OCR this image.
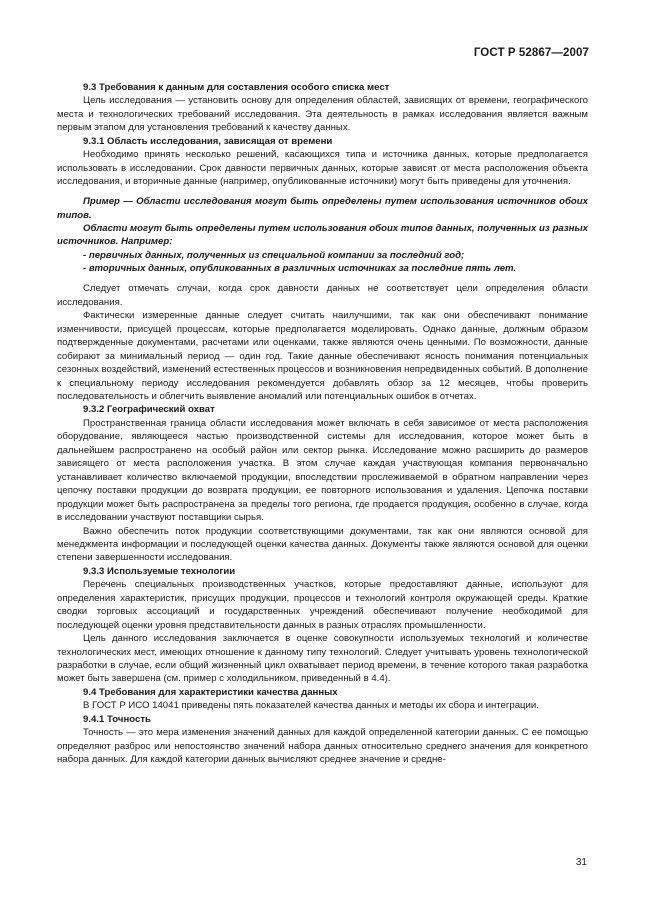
ГОСТ Р 52867—2007

9.3 Требования к данным для составления особого списка мест

Цель исследования — установить основу для определения областей, зависящих от времени, географического места и технологических требований исследования. Эта деятельность в рамках исследования является важным первым этапом для установления требований к качеству данных.

9.3.1 Область исследования, зависящая от времени

Необходимо принять несколько решений, касающихся типа и источника данных, которые предполагается использовать в исследовании. Срок давности первичных данных, которые зависят от места расположения объекта исследования, и вторичные данные (например, опубликованные источники) могут быть приведены для уточнения.

Пример — Области исследования могут быть определены путем использования источников обоих типов.

Области могут быть определены путем использования обоих типов данных, полученных из разных источников. Например:

- первичных данных, полученных из специальной компании за последний год;

- вторичных данных, опубликованных в различных источниках за последние пять лет.

Следует отмечать случаи, когда срок давности данных не соответствует цели определения области исследования.

Фактически измеренные данные следует считать наилучшими, так как они обеспечивают понимание изменчивости, присущей процессам, которые предполагается моделировать. Однако данные, должным образом подтвержденные документами, расчетами или оценками, также являются очень ценными. По возможности, данные собирают за минимальный период — один год. Такие данные обеспечивают ясность понимания потенциальных сезонных воздействий, изменений естественных процессов и возникновения непредвиденных событий. В дополнение к специальному периоду исследования рекомендуется добавлять обзор за 12 месяцев, чтобы проверить последовательность и облегчить выявление аномалий или потенциальных ошибок в отчетах.

9.3.2 Географический охват

Пространственная граница области исследования может включать в себя зависимое от места расположения оборудование, являющееся частью производственной системы для исследования, которое может быть в дальнейшем распространено на особый район или сектор рынка. Исследование можно расширить до размеров зависящего от места расположения участка. В этом случае каждая участвующая компания первоначально устанавливает количество включаемой продукции, впоследствии прослеживаемой в обратном направлении через цепочку поставки продукции до возврата продукции, ее повторного использования и удаления. Цепочка поставки продукции может быть распространена за пределы того региона, где продается продукция, особенно в случае, когда в исследовании участвуют поставщики сырья.

Важно обеспечить поток продукции соответствующими документами, так как они являются основой для менеджмента информации и последующей оценки качества данных. Документы также являются основой для оценки степени завершенности исследования.

9.3.3 Используемые технологии

Перечень специальных производственных участков, которые предоставляют данные, используют для определения характеристик, присущих продукции, процессов и технологий контроля окружающей среды. Краткие сводки торговых ассоциаций и государственных учреждений обеспечивают получение необходимой для последующей оценки уровня представительности данных в разных отраслях промышленности.

Цель данного исследования заключается в оценке совокупности используемых технологий и количестве технологических мест, имеющих отношение к данному типу технологий. Следует учитывать уровень технологической разработки в случае, если общий жизненный цикл охватывает период времени, в течение которого такая разработка может быть завершена (см. пример с холодильником, приведенный в 4.4).

9.4 Требования для характеристики качества данных

В ГОСТ Р ИСО 14041 приведены пять показателей качества данных и методы их сбора и интеграции.

9.4.1 Точность

Точность — это мера изменения значений данных для каждой определенной категории данных. С ее помощью определяют разброс или непостоянство значений набора данных относительно среднего значения для конкретного набора данных. Для каждой категории данных вычисляют среднее значение и средне-

31
